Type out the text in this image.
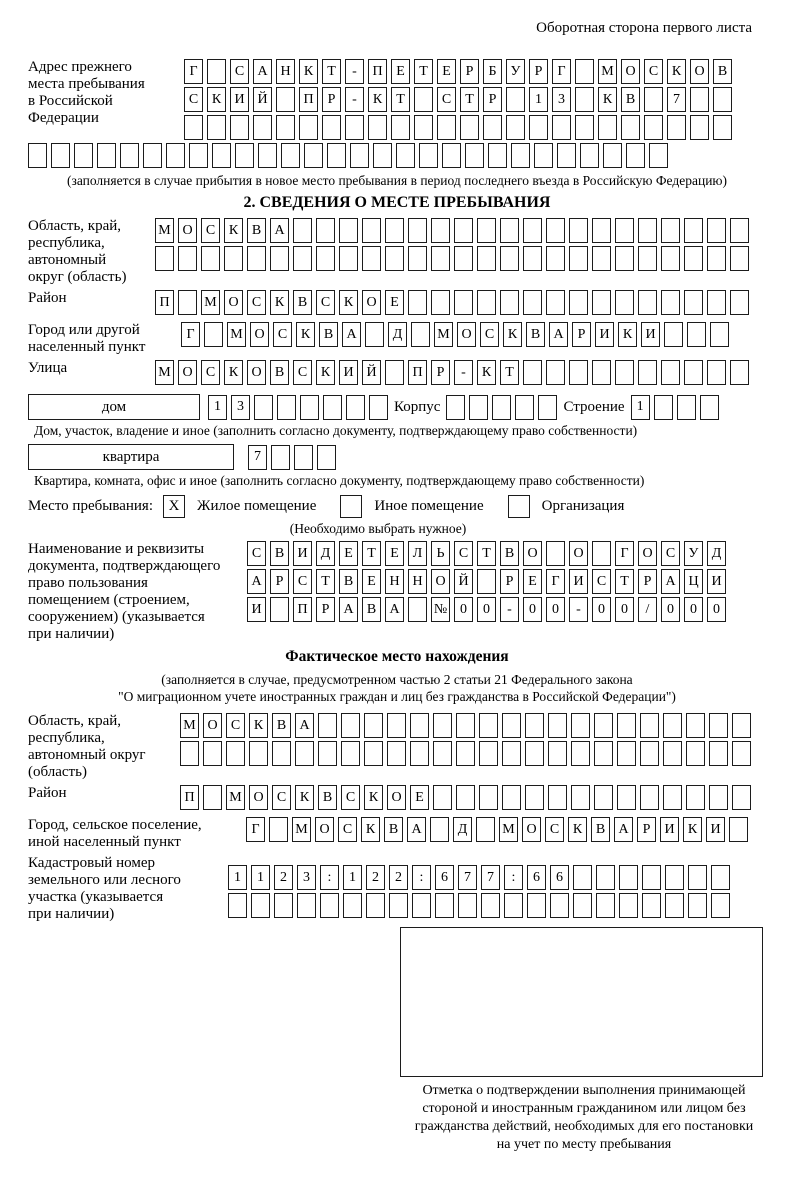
Оборотная сторона первого листа
Адрес прежнего
места пребывания
в Российской
Федерации
Г	С А Н К	Т	-	П Е	Т	Е	Р	Б	У	Р	Г	М О С К О В
С К И Й	П	Р	-	К	Т	С	Т	Р	1	3	К В	7
(заполняется в случае прибытия в новое место пребывания в период последнего въезда в Российскую Федерацию)
2. СВЕДЕНИЯ О МЕСТЕ ПРЕБЫВАНИЯ
Область, край,
республика,
автономный
округ (область)
М О С К В А
Район	П	М О С К В С К О Е
Город или другой
населенный пункт
Г	М О С К В А	Д	М О С К В А	Р	И К И
Улица	М О С К О В С К И Й	П	Р	-	К	Т
дом	1	3	Корпус	Строение 1
Дом, участок, владение и иное (заполнить согласно документу, подтверждающему право собственности)
квартира	7
Квартира, комната, офис и иное (заполнить согласно документу, подтверждающему право собственности)
Место пребывания:	X	Жилое помещение	Иное помещение	Организация
(Необходимо выбрать нужное)
Наименование и реквизиты
документа, подтверждающего
право пользования
помещением (строением,
сооружением) (указывается
при наличии)
С В И Д Е	Т	Е Л	Ь	С	Т	В О	О	Г О С У Д
А	Р	С	Т	В	Е Н Н О Й	Р	Е	Г И С	Т	Р	А Ц И
И	П	Р	А В А	№ 0	0	-	0	0	-	0	0	/	0	0	0
Фактическое место нахождения
(заполняется в случае, предусмотренном частью 2 статьи 21 Федерального закона
"О миграционном учете иностранных граждан и лиц без гражданства в Российской Федерации")
Область, край,
республика,
автономный округ
(область)
М О С К В А
Район	П	М О С К В С К О Е
Город, сельское поселение,
иной населенный пункт
Г	М О С К В А	Д	М О С К В А	Р	И К И
Кадастровый номер
земельного или лесного
участка (указывается
при наличии)
1	1	2	3	:	1	2	2	:	6	7	7	:	6	6
Отметка о подтверждении выполнения принимающей
стороной и иностранным гражданином или лицом без
гражданства действий, необходимых для его постановки
на учет по месту пребывания
